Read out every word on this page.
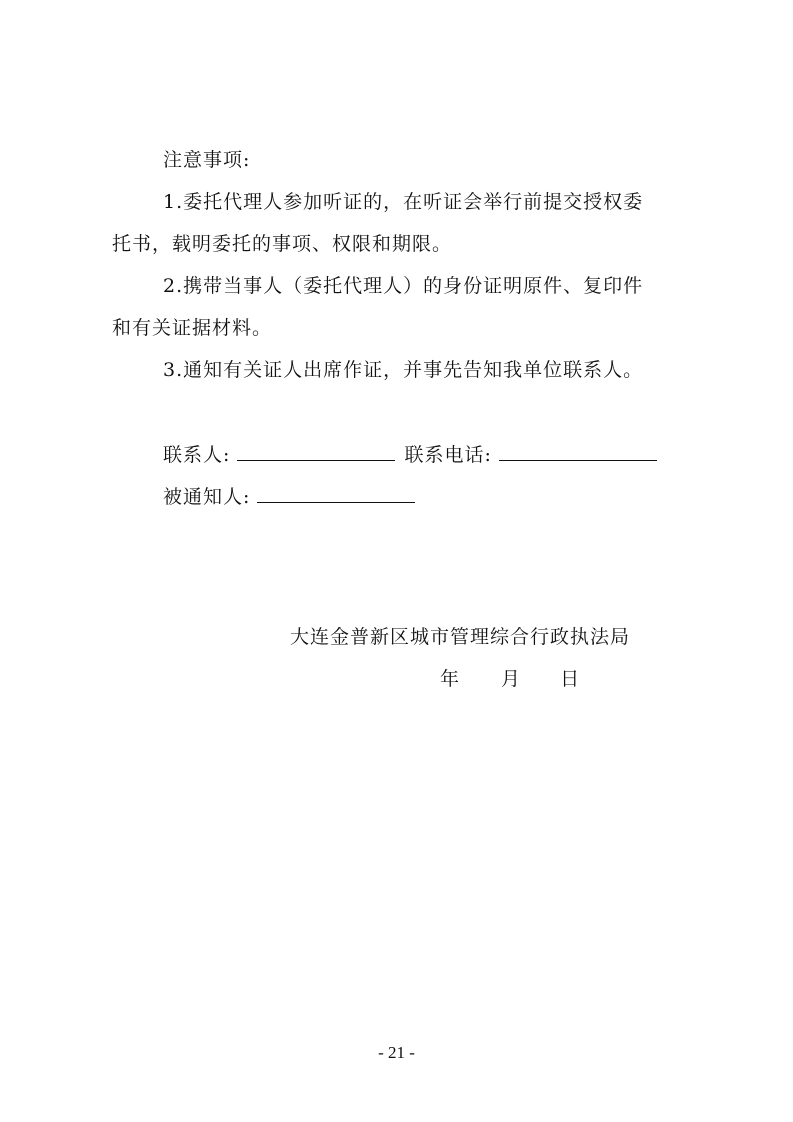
注意事项:
1.委托代理人参加听证的，在听证会举行前提交授权委
托书，载明委托的事项、权限和期限。
2.携带当事人（委托代理人）的身份证明原件、复印件
和有关证据材料。
3.通知有关证人出席作证，并事先告知我单位联系人。
联系人:	联系电话:
被通知人:
大连金普新区城市管理综合行政执法局
年 月 日
- 21 -
